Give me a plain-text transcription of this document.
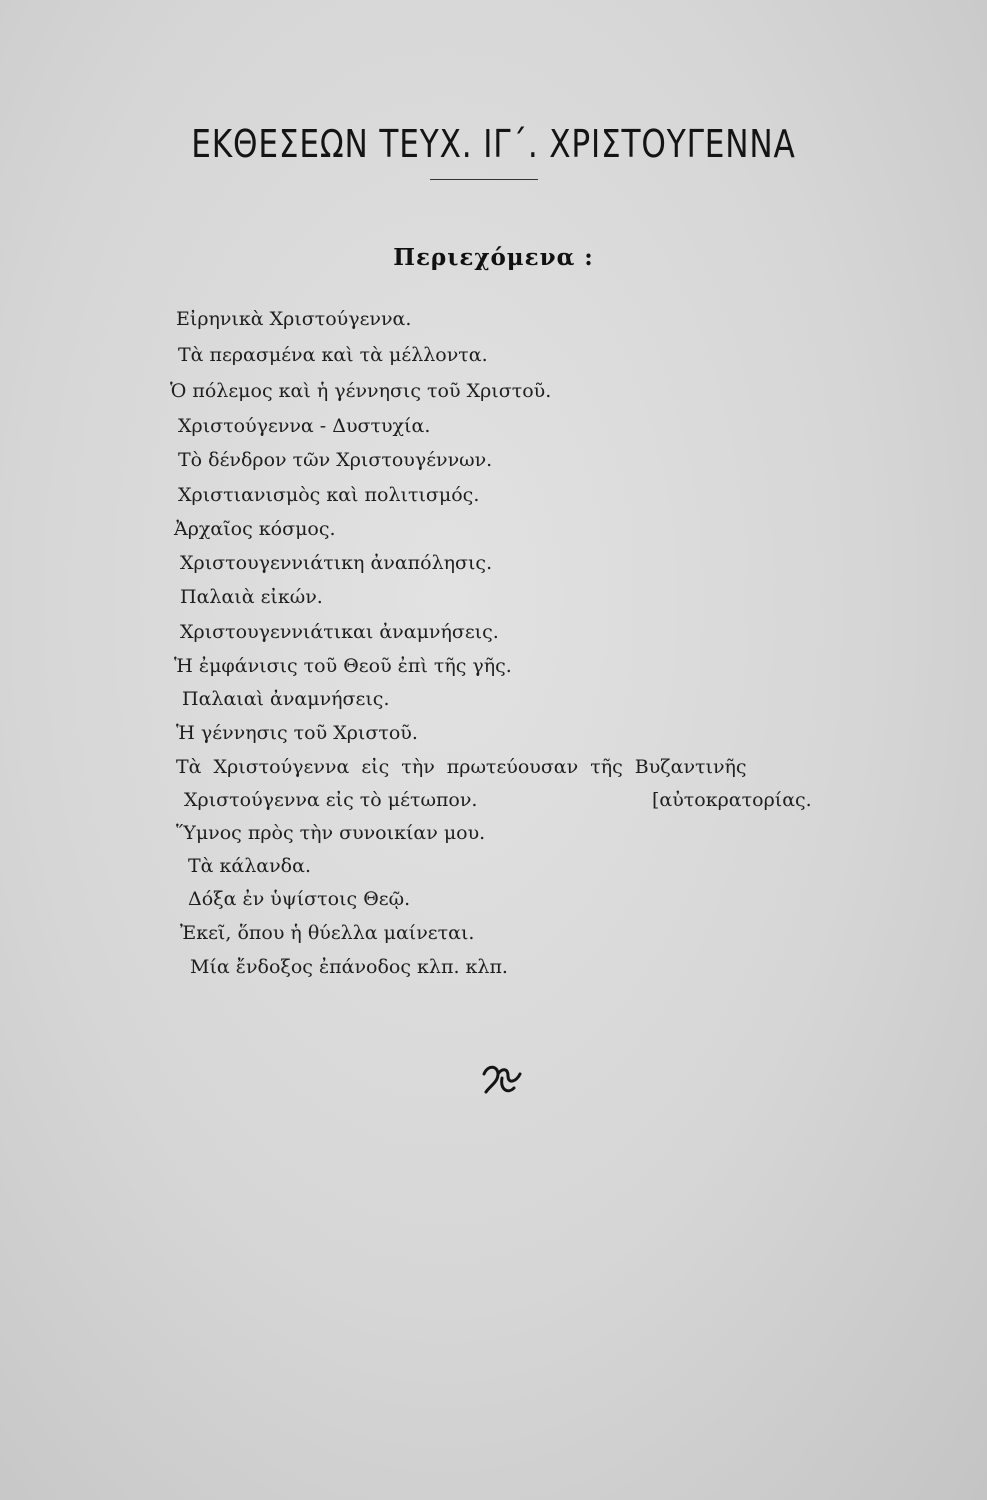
ΕΚΘΕΣΕΩΝ ΤΕΥΧ. ΙΓ΄. ΧΡΙΣΤΟΥΓΕΝΝΑ
Περιεχόμενα :
Εἰρηνικὰ Χριστούγεννα.
Τὰ περασμένα καὶ τὰ μέλλοντα.
Ὁ πόλεμος καὶ ἡ γέννησις τοῦ Χριστοῦ.
Χριστούγεννα - Δυστυχία.
Τὸ δένδρον τῶν Χριστουγέννων.
Χριστιανισμὸς καὶ πολιτισμός.
Ἀρχαῖος κόσμος.
Χριστουγεννιάτικη ἀναπόλησις.
Παλαιὰ εἰκών.
Χριστουγεννιάτικαι ἀναμνήσεις.
Ἡ ἐμφάνισις τοῦ Θεοῦ ἐπὶ τῆς γῆς.
Παλαιαὶ ἀναμνήσεις.
Ἡ γέννησις τοῦ Χριστοῦ.
Τὰ Χριστούγεννα εἰς τὴν πρωτεύουσαν τῆς Βυζαντινῆς
Χριστούγεννα εἰς τὸ μέτωπον.	[αὐτοκρατορίας.
Ὕμνος πρὸς τὴν συνοικίαν μου.
Τὰ κάλανδα.
Δόξα ἐν ὑψίστοις Θεῷ.
Ἐκεῖ, ὅπου ἡ θύελλα μαίνεται.
Μία ἔνδοξος ἐπάνοδος κλπ. κλπ.
